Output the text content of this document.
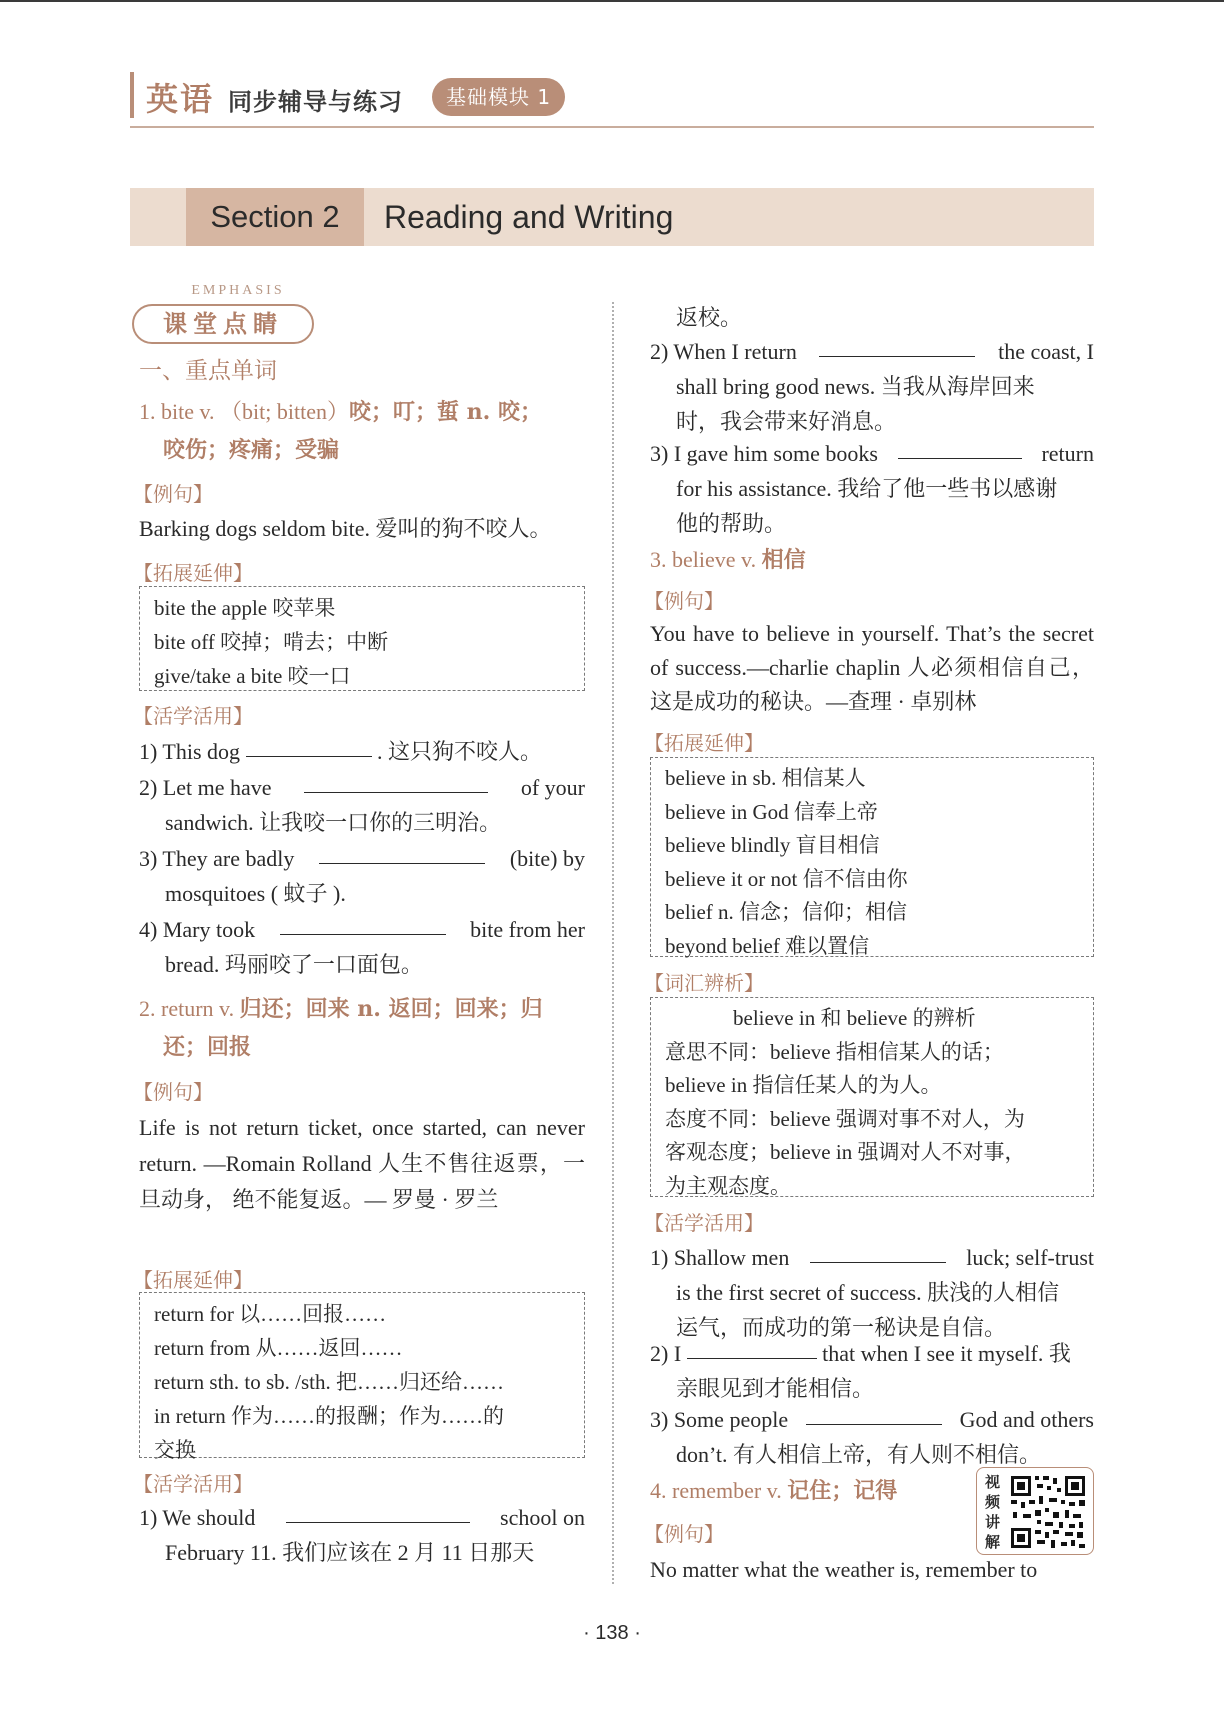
英语 同步辅导与练习	基础模块 1
Section 2	Reading and Writing
EMPHASIS
课堂点睛
一、重点单词
1. bite v. （bit; bitten）咬；叮；蜇 n. 咬；
咬伤；疼痛；受骗
【例句】
Barking dogs seldom bite. 爱叫的狗不咬人。
【拓展延伸】
bite the apple 咬苹果
bite off 咬掉；啃去；中断
give/take a bite 咬一口
【活学活用】
1) This dog

	. 这只狗不咬人。
2) Let me have	of your
sandwich. 让我咬一口你的三明治。
3) They are badly	(bite) by
mosquitoes ( 蚊子 ).
4) Mary took	bite from her
bread. 玛丽咬了一口面包。
2. return v. 归还；回来 n. 返回；回来；归
还；回报
【例句】
Life is not return ticket, once started, can never return. —Romain Rolland 人生不售往返票，一旦动身， 绝不能复返。— 罗曼 · 罗兰
【拓展延伸】
return for 以……回报……
return from 从……返回……
return sth. to sb. /sth. 把……归还给……
in return 作为……的报酬；作为……的
交换
【活学活用】
1) We should	school on
February 11. 我们应该在 2 月 11 日那天
返校。
2) When I return	the coast, I
shall bring good news. 当我从海岸回来
时，我会带来好消息。
3) I gave him some books	return
for his assistance. 我给了他一些书以感谢
他的帮助。
3. believe v. 相信
【例句】
You have to believe in yourself. That’s the secret of success.—charlie chaplin 人必须相信自己，这是成功的秘诀。—查理 · 卓别林
【拓展延伸】
believe in sb. 相信某人
believe in God 信奉上帝
believe blindly 盲目相信
believe it or not 信不信由你
belief n. 信念；信仰；相信
beyond belief 难以置信
【词汇辨析】
believe in 和 believe 的辨析
意思不同：believe 指相信某人的话；
believe in 指信任某人的为人。
态度不同：believe 强调对事不对人，为
客观态度；believe in 强调对人不对事，
为主观态度。
【活学活用】
1) Shallow men	luck; self-trust
is the first secret of success. 肤浅的人相信
运气，而成功的第一秘诀是自信。
2) I

	that when I see it myself. 我
亲眼见到才能相信。
3) Some people	God and others
don’t. 有人相信上帝，有人则不相信。
4. remember v. 记住；记得
【例句】
No matter what the weather is, remember to
视频讲解
· 138 ·
